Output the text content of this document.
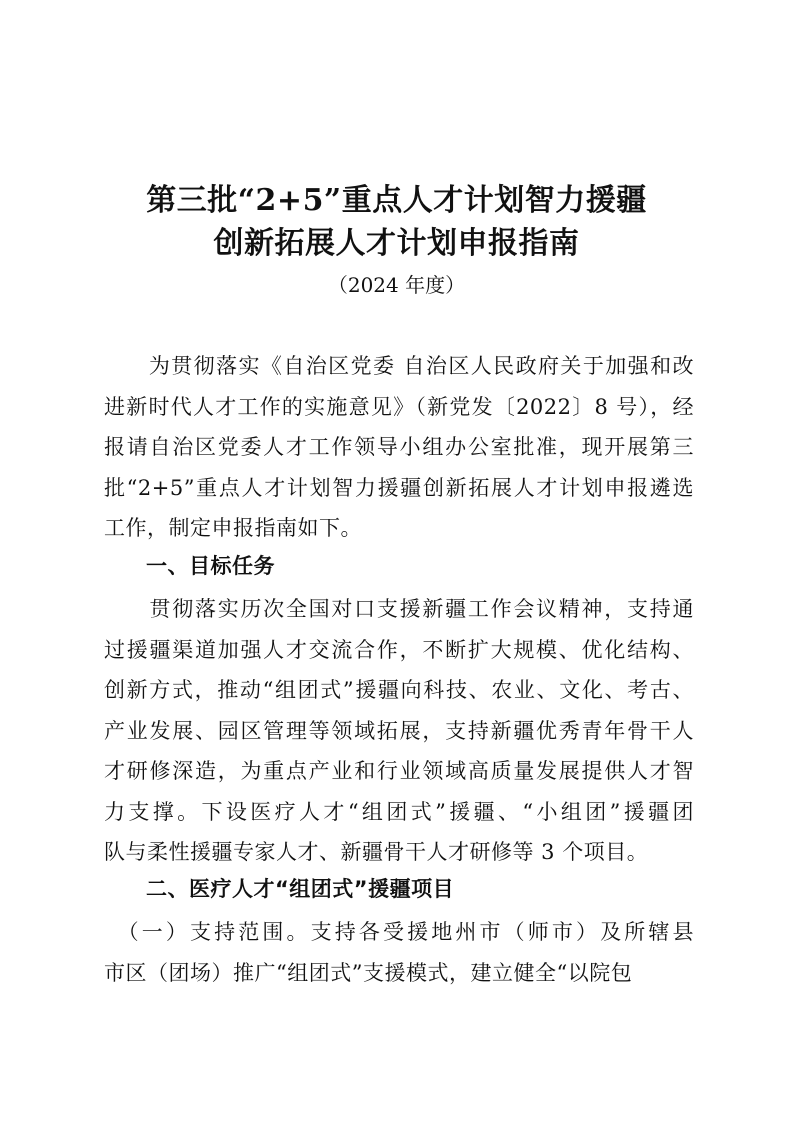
第三批“2+5”重点人才计划智力援疆
创新拓展人才计划申报指南
（2024 年度）
　　为贯彻落实《自治区党委 自治区人民政府关于加强和改
进新时代人才工作的实施意见》（新党发〔2022〕8 号），经
报请自治区党委人才工作领导小组办公室批准，现开展第三
批“2+5”重点人才计划智力援疆创新拓展人才计划申报遴选
工作，制定申报指南如下。
一、目标任务
　　贯彻落实历次全国对口支援新疆工作会议精神，支持通
过援疆渠道加强人才交流合作，不断扩大规模、优化结构、
创新方式，推动“组团式”援疆向科技、农业、文化、考古、
产业发展、园区管理等领域拓展，支持新疆优秀青年骨干人
才研修深造，为重点产业和行业领域高质量发展提供人才智
力支撑。下设医疗人才“组团式”援疆、“小组团”援疆团
队与柔性援疆专家人才、新疆骨干人才研修等 3 个项目。
二、医疗人才“组团式”援疆项目
　（一）支持范围。支持各受援地州市（师市）及所辖县
市区（团场）推广“组团式”支援模式，建立健全“以院包
